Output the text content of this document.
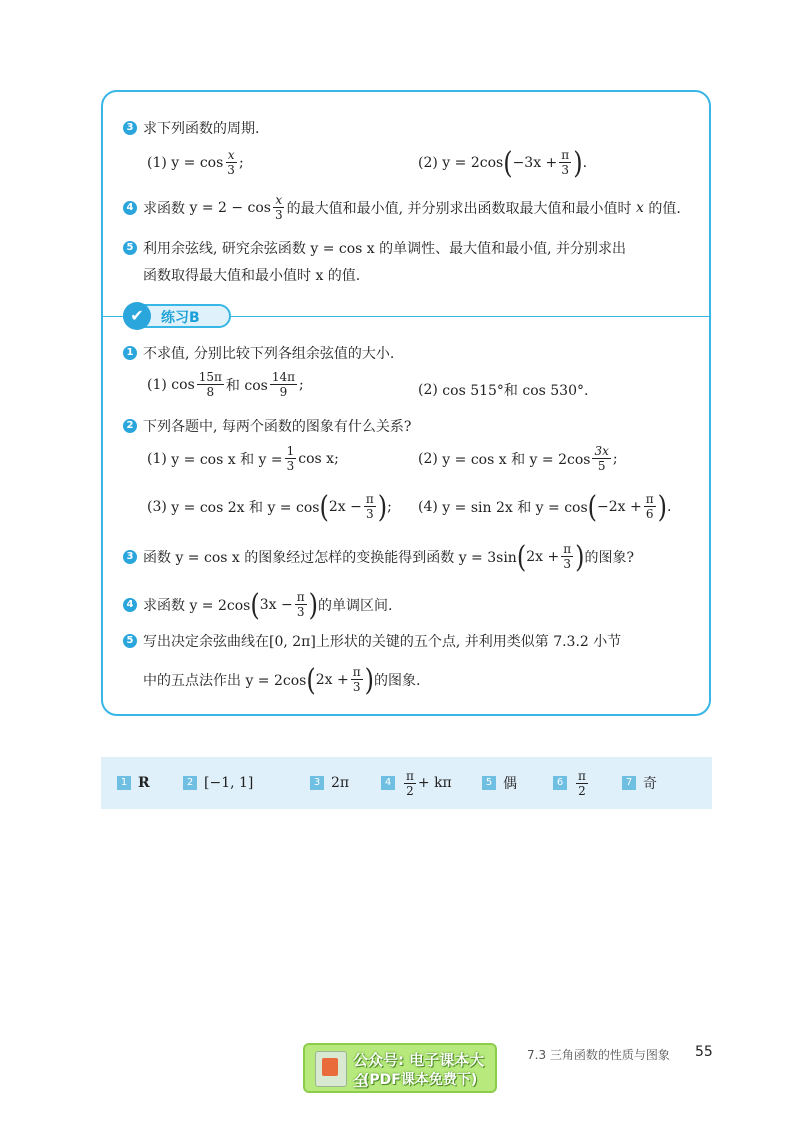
✔	练习B
3 求下列函数的周期.
(1)
$y = \cos \frac{x}{3}$ ;	(2)
y = 2cos ( $-3x + \frac{\pi}{3}$ ) .
4 求函数
$y = 2 - \cos \frac{x}{3}$ 的最大值和最小值, 并分别求出函数取最大值和最小值时
x
的值.
5 利用余弦线, 研究余弦函数 y = cos x 的单调性、最大值和最小值, 并分别求出
函数取得最大值和最小值时 x 的值.
1 不求值, 分别比较下列各组余弦值的大小.
(1)
$\cos \frac{15\pi}{8}$ 和 $\cos \frac{14\pi}{9}$ ;	(2)
cos 515°和 cos 530°.
2 下列各题中, 每两个函数的图象有什么关系?
(1)
y = cos x 和 $y = \frac{1}{3}$ cos x;	(2)
y = cos x 和 $y = 2\cos \frac{3x}{5}$ ;
(3)
y = cos 2x 和 y = cos ( $2x - \frac{\pi}{3}$ ) ; (4)
y = sin 2x 和 y = cos ( $-2x + \frac{\pi}{6}$ ) .
3 函数 y = cos x 的图象经过怎样的变换能得到函数 y = 3sin ( $2x + \frac{\pi}{3}$ ) 的图象?
4 求函数 y = 2cos ( $3x - \frac{\pi}{3}$ ) 的单调区间.
5 写出决定余弦曲线在[0, 2π]上形状的关键的五个点, 并利用类似第 7.3.2 小节
中的五点法作出 y = 2cos ( $2x + \frac{\pi}{3}$ ) 的图象.
1 R	2 [−1, 1]	3 2π	4	$\frac{\pi}{2} + k\pi$	5 偶	6	$\frac{\pi}{2}$	7 奇
公众号: 电子课本大全
(PDF课本免费下)
7.3 三角函数的性质与图象 55
